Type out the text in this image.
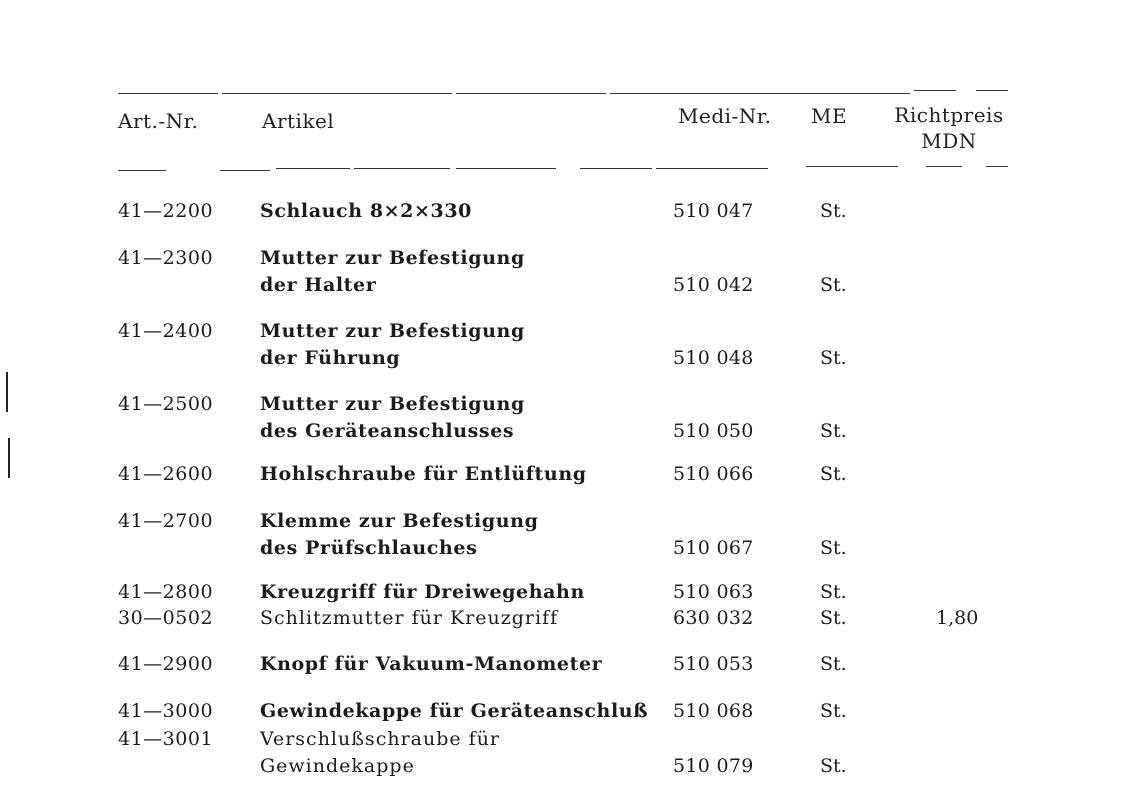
Art.-Nr.	Artikel	Medi-Nr. ME	Richtpreis
MDN
41—2200 Schlauch 8×2×330	510 047	St.
41—2300 Mutter zur Befestigung
der Halter	510 042	St.
41—2400 Mutter zur Befestigung
der Führung	510 048	St.
41—2500 Mutter zur Befestigung
des Geräteanschlusses	510 050	St.
41—2600 Hohlschraube für Entlüftung	510 066	St.
41—2700 Klemme zur Befestigung
des Prüfschlauches	510 067	St.
41—2800 Kreuzgriff für Dreiwegehahn	510 063	St.
30—0502 Schlitzmutter für Kreuzgriff	630 032	St.	1,80
41—2900 Knopf für Vakuum-Manometer	510 053	St.
41—3000 Gewindekappe für Geräteanschluß 510 068	St.
41—3001 Verschlußschraube für
Gewindekappe	510 079	St.
